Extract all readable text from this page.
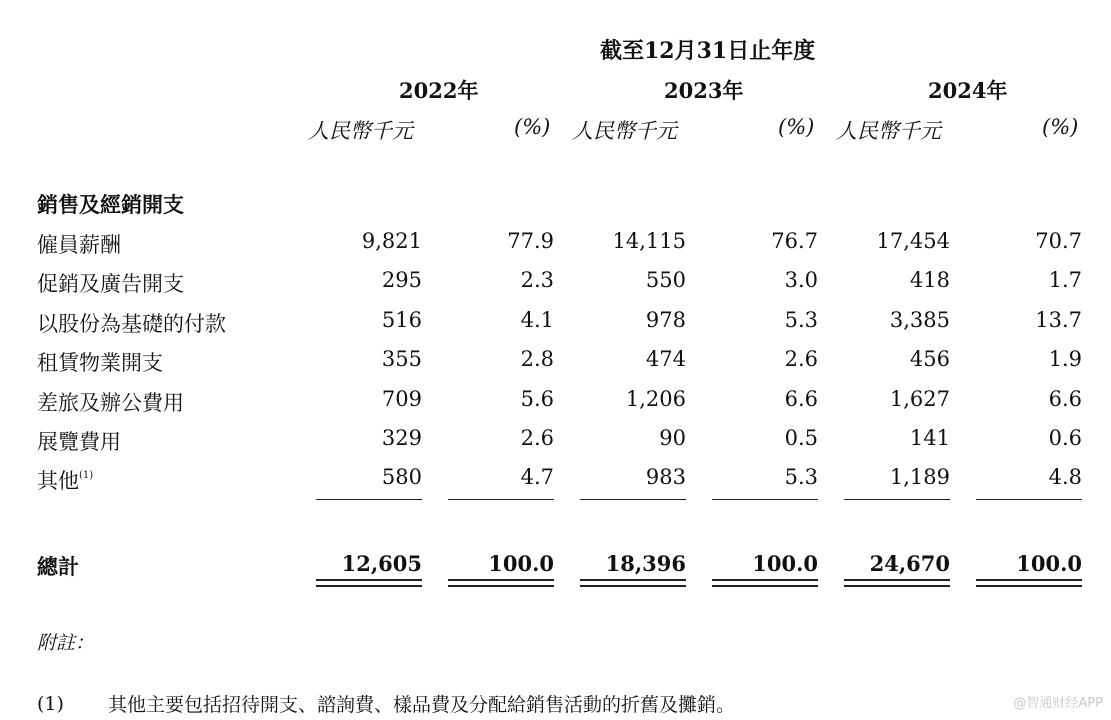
截至12月31日止年度
2022年	2023年	2024年
人民幣千元	(%) 人民幣千元	(%) 人民幣千元	(%)
銷售及經銷開支
僱員薪酬	9,821	77.9	14,115	76.7	17,454	70.7
促銷及廣告開支	295	2.3	550	3.0	418	1.7
以股份為基礎的付款	516	4.1	978	5.3	3,385	13.7
租賃物業開支	355	2.8	474	2.6	456	1.9
差旅及辦公費用	709	5.6	1,206	6.6	1,627	6.6
展覽費用	329	2.6	90	0.5	141	0.6
其他$^{(1)}$	580	4.7	983	5.3	1,189	4.8
總計	12,605	100.0	18,396	100.0	24,670	100.0
附註：
(1) 其他主要包括招待開支、諮詢費、樣品費及分配給銷售活動的折舊及攤銷。	@智通财经APP
